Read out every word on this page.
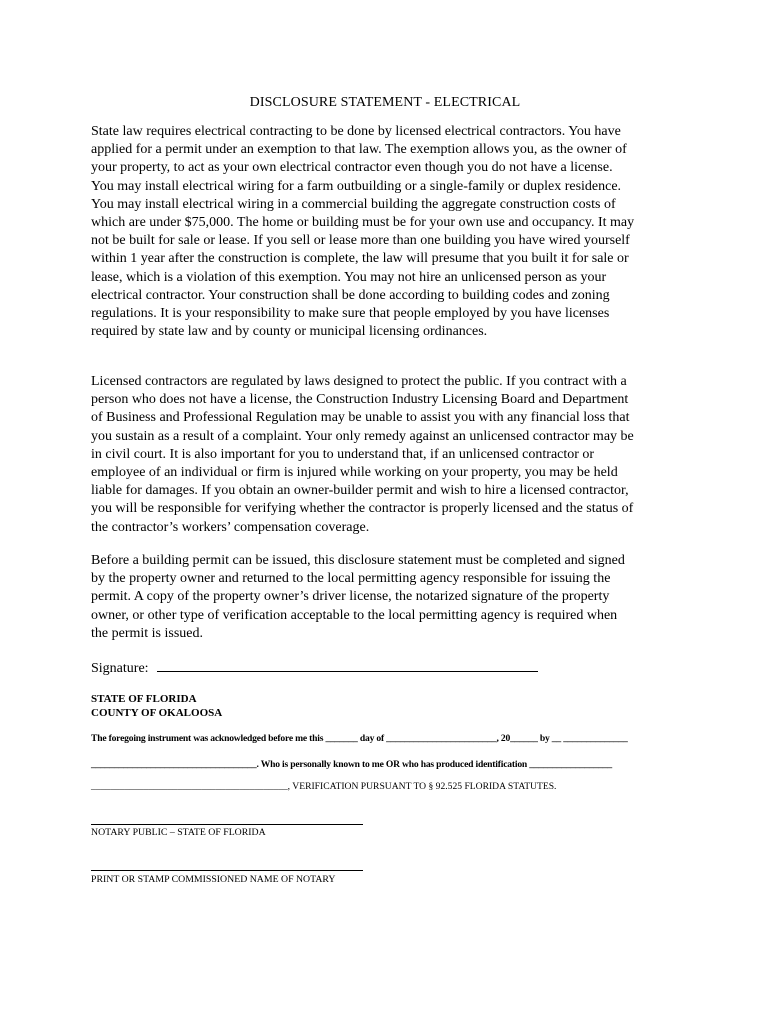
DISCLOSURE STATEMENT - ELECTRICAL
State law requires electrical contracting to be done by licensed electrical contractors. You have
applied for a permit under an exemption to that law. The exemption allows you, as the owner of
your property, to act as your own electrical contractor even though you do not have a license.
You may install electrical wiring for a farm outbuilding or a single-family or duplex residence.
You may install electrical wiring in a commercial building the aggregate construction costs of
which are under $75,000. The home or building must be for your own use and occupancy. It may
not be built for sale or lease. If you sell or lease more than one building you have wired yourself
within 1 year after the construction is complete, the law will presume that you built it for sale or
lease, which is a violation of this exemption. You may not hire an unlicensed person as your
electrical contractor. Your construction shall be done according to building codes and zoning
regulations. It is your responsibility to make sure that people employed by you have licenses
required by state law and by county or municipal licensing ordinances.
Licensed contractors are regulated by laws designed to protect the public. If you contract with a
person who does not have a license, the Construction Industry Licensing Board and Department
of Business and Professional Regulation may be unable to assist you with any financial loss that
you sustain as a result of a complaint. Your only remedy against an unlicensed contractor may be
in civil court. It is also important for you to understand that, if an unlicensed contractor or
employee of an individual or firm is injured while working on your property, you may be held
liable for damages. If you obtain an owner-builder permit and wish to hire a licensed contractor,
you will be responsible for verifying whether the contractor is properly licensed and the status of
the contractor’s workers’ compensation coverage.
Before a building permit can be issued, this disclosure statement must be completed and signed
by the property owner and returned to the local permitting agency responsible for issuing the
permit. A copy of the property owner’s driver license, the notarized signature of the property
owner, or other type of verification acceptable to the local permitting agency is required when
the permit is issued.
Signature:
STATE OF FLORIDA
COUNTY OF OKALOOSA
The foregoing instrument was acknowledged before me this _______ day of ________________________, 20______ by __ ______________
____________________________________. Who is personally known to me OR who has produced identification __________________
_________________________________________, VERIFICATION PURSUANT TO § 92.525 FLORIDA STATUTES.
NOTARY PUBLIC – STATE OF FLORIDA
PRINT OR STAMP COMMISSIONED NAME OF NOTARY
